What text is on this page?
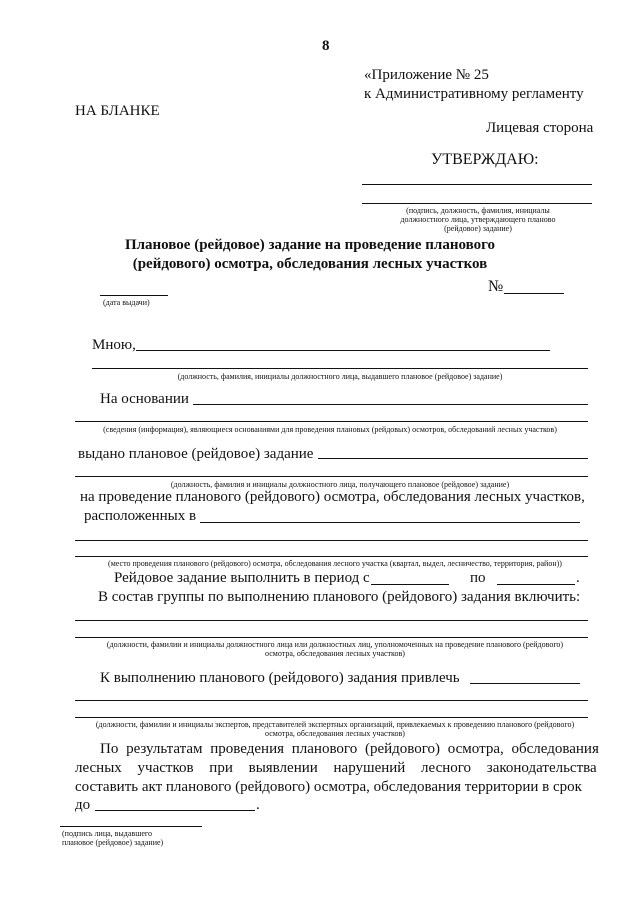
8
«Приложение № 25
к Административному регламенту
НА БЛАНКЕ
Лицевая сторона
УТВЕРЖДАЮ:
(подпись, должность, фамилия, инициалы
должностного лица, утверждающего планово
(рейдовое) задание)
Плановое (рейдовое) задание на проведение планового
(рейдового) осмотра, обследования лесных участков
(дата выдачи)
№
Мною,
(должность, фамилия, инициалы должностного лица, выдавшего плановое (рейдовое) задание)
На основании
(сведения (информация), являющиеся основаниями для проведения плановых (рейдовых) осмотров, обследований лесных участков)
выдано плановое (рейдовое) задание
(должность, фамилия и инициалы должностного лица, получающего плановое (рейдовое) задание)
на проведение планового (рейдового) осмотра, обследования лесных участков,
расположенных в
(место проведения планового (рейдового) осмотра, обследования лесного участка (квартал, выдел, лесничество, территория, район))
Рейдовое задание выполнить в период с	по	.
В состав группы по выполнению планового (рейдового) задания включить:
(должности, фамилии и инициалы должностного лица или должностных лиц, уполномоченных на проведение планового (рейдового)
осмотра, обследования лесных участков)
К выполнению планового (рейдового) задания привлечь
(должности, фамилии и инициалы экспертов, представителей экспертных организаций, привлекаемых к проведению планового (рейдового)
осмотра, обследования лесных участков)
По результатам проведения планового (рейдового) осмотра, обследования
лесных участков при выявлении нарушений лесного законодательства
составить акт планового (рейдового) осмотра, обследования территории в срок
до	.
(подпись лица, выдавшего
плановое (рейдовое) задание)
